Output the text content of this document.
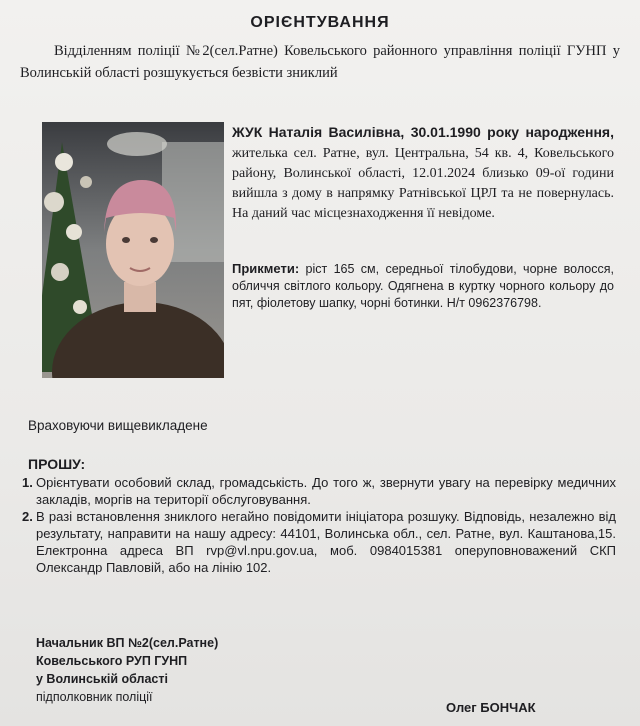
ОРІЄНТУВАННЯ
Відділенням поліції №2(сел.Ратне) Ковельського районного управління поліції ГУНП у Волинській області розшукується безвісти зниклий
ЖУК Наталія Василівна, 30.01.1990 року народження, жителька сел. Ратне, вул. Центральна, 54 кв. 4, Ковельського району, Волинської області, 12.01.2024 близько 09-ої години вийшла з дому в напрямку Ратнівської ЦРЛ та не повернулась. На даний час місцезнаходження її невідоме.
Прикмети: ріст 165 см, середньої тілобудови, чорне волосся, обличчя світлого кольору. Одягнена в куртку чорного кольору до пят, фіолетову шапку, чорні ботинки. Н/т 0962376798.
Враховуючи вищевикладене
ПРОШУ:
1. Орієнтувати особовий склад, громадськість. До того ж, звернути увагу на перевірку медичних закладів, моргів на території обслуговування.
2. В разі встановлення зниклого негайно повідомити ініціатора розшуку. Відповідь, незалежно від результату, направити на нашу адресу: 44101, Волинська обл., сел. Ратне, вул. Каштанова,15. Електронна адреса ВП rvp@vl.npu.gov.ua, моб. 0984015381 оперуповноважений СКП Олександр Павловій, або на лінію 102.
Начальник ВП №2(сел.Ратне)
Ковельського РУП ГУНП
у Волинській області
підполковник поліції
Олег БОНЧАК
